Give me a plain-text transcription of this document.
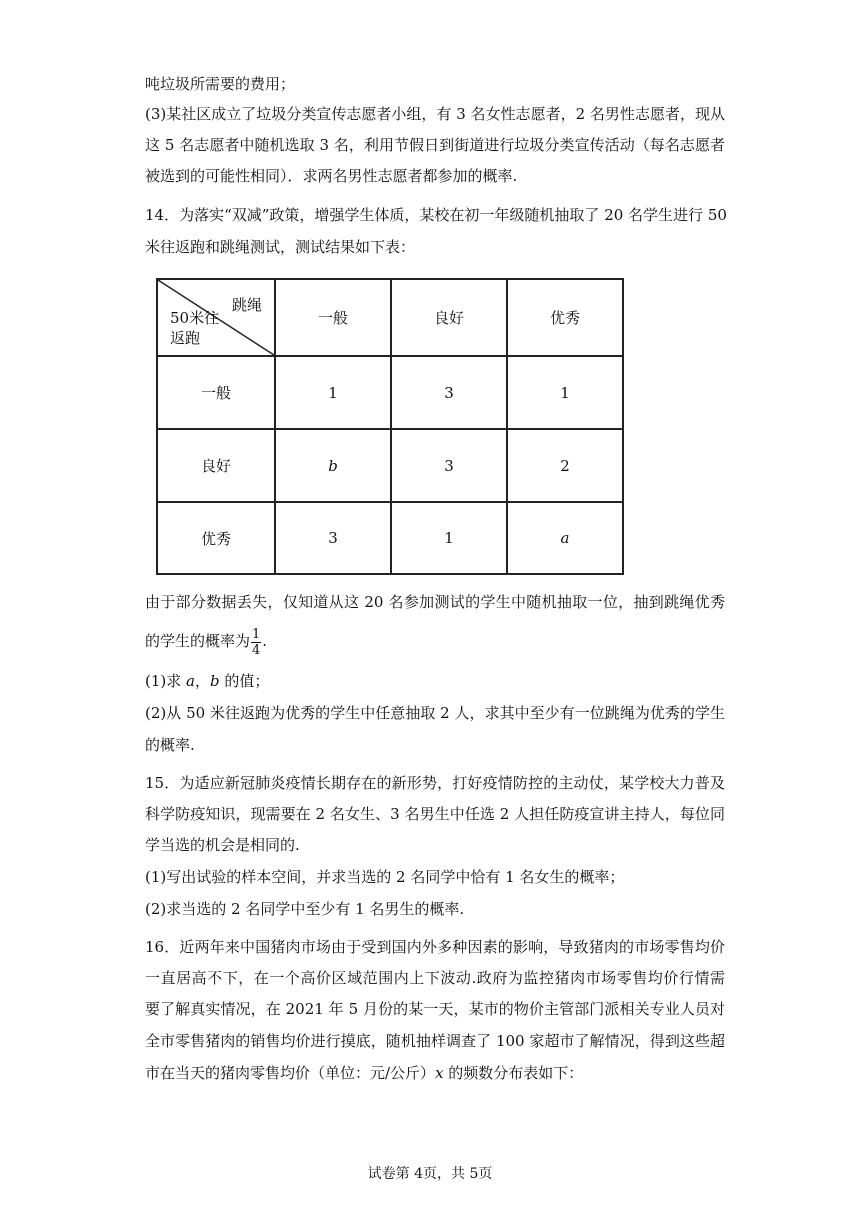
吨垃圾所需要的费用；
(3)某社区成立了垃圾分类宣传志愿者小组，有 3 名女性志愿者，2 名男性志愿者，现从
这 5 名志愿者中随机选取 3 名，利用节假日到街道进行垃圾分类宣传活动（每名志愿者
被选到的可能性相同）．求两名男性志愿者都参加的概率.
14．为落实“双减”政策，增强学生体质，某校在初一年级随机抽取了 20 名学生进行 50
米往返跑和跳绳测试，测试结果如下表：
跳绳
50米往
返跑	一般	良好	优秀
一般	1	3	1
良好	b	3	2
优秀	3	1	a
由于部分数据丢失，仅知道从这 20 名参加测试的学生中随机抽取一位，抽到跳绳优秀
的学生的概率为 $\frac{1}{4}$ .
(1)求 a，b 的值；
(2)从 50 米往返跑为优秀的学生中任意抽取 2 人，求其中至少有一位跳绳为优秀的学生
的概率.
15．为适应新冠肺炎疫情长期存在的新形势，打好疫情防控的主动仗，某学校大力普及
科学防疫知识，现需要在 2 名女生、3 名男生中任选 2 人担任防疫宣讲主持人，每位同
学当选的机会是相同的.
(1)写出试验的样本空间，并求当选的 2 名同学中恰有 1 名女生的概率；
(2)求当选的 2 名同学中至少有 1 名男生的概率.
16．近两年来中国猪肉市场由于受到国内外多种因素的影响，导致猪肉的市场零售均价
一直居高不下，在一个高价区域范围内上下波动.政府为监控猪肉市场零售均价行情需
要了解真实情况，在 2021 年 5 月份的某一天，某市的物价主管部门派相关专业人员对
全市零售猪肉的销售均价进行摸底，随机抽样调查了 100 家超市了解情况，得到这些超
市在当天的猪肉零售均价（单位：元/公斤）x 的频数分布表如下：
试卷第 4页，共 5页
